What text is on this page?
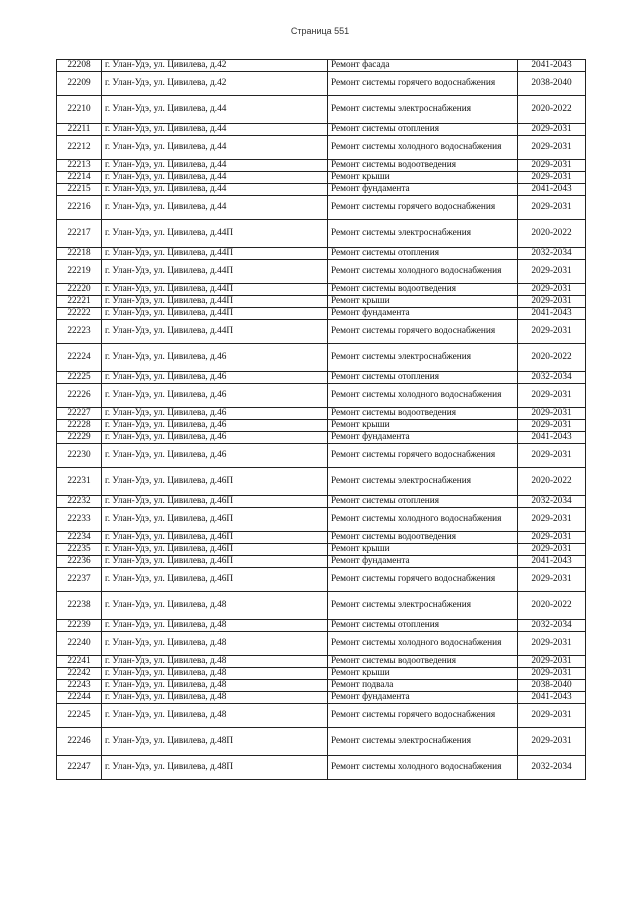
Страница 551
22208	г. Улан-Удэ, ул. Цивилева, д.42	Ремонт фасада	2041-2043
22209	г. Улан-Удэ, ул. Цивилева, д.42	Ремонт системы горячего водоснабжения	2038-2040
22210	г. Улан-Удэ, ул. Цивилева, д.44	Ремонт системы электроснабжения	2020-2022
22211	г. Улан-Удэ, ул. Цивилева, д.44	Ремонт системы отопления	2029-2031
22212	г. Улан-Удэ, ул. Цивилева, д.44	Ремонт системы холодного водоснабжения	2029-2031
22213	г. Улан-Удэ, ул. Цивилева, д.44	Ремонт системы водоотведения	2029-2031
22214	г. Улан-Удэ, ул. Цивилева, д.44	Ремонт крыши	2029-2031
22215	г. Улан-Удэ, ул. Цивилева, д.44	Ремонт фундамента	2041-2043
22216	г. Улан-Удэ, ул. Цивилева, д.44	Ремонт системы горячего водоснабжения	2029-2031
22217	г. Улан-Удэ, ул. Цивилева, д.44П	Ремонт системы электроснабжения	2020-2022
22218	г. Улан-Удэ, ул. Цивилева, д.44П	Ремонт системы отопления	2032-2034
22219	г. Улан-Удэ, ул. Цивилева, д.44П	Ремонт системы холодного водоснабжения	2029-2031
22220	г. Улан-Удэ, ул. Цивилева, д.44П	Ремонт системы водоотведения	2029-2031
22221	г. Улан-Удэ, ул. Цивилева, д.44П	Ремонт крыши	2029-2031
22222	г. Улан-Удэ, ул. Цивилева, д.44П	Ремонт фундамента	2041-2043
22223	г. Улан-Удэ, ул. Цивилева, д.44П	Ремонт системы горячего водоснабжения	2029-2031
22224	г. Улан-Удэ, ул. Цивилева, д.46	Ремонт системы электроснабжения	2020-2022
22225	г. Улан-Удэ, ул. Цивилева, д.46	Ремонт системы отопления	2032-2034
22226	г. Улан-Удэ, ул. Цивилева, д.46	Ремонт системы холодного водоснабжения	2029-2031
22227	г. Улан-Удэ, ул. Цивилева, д.46	Ремонт системы водоотведения	2029-2031
22228	г. Улан-Удэ, ул. Цивилева, д.46	Ремонт крыши	2029-2031
22229	г. Улан-Удэ, ул. Цивилева, д.46	Ремонт фундамента	2041-2043
22230	г. Улан-Удэ, ул. Цивилева, д.46	Ремонт системы горячего водоснабжения	2029-2031
22231	г. Улан-Удэ, ул. Цивилева, д.46П	Ремонт системы электроснабжения	2020-2022
22232	г. Улан-Удэ, ул. Цивилева, д.46П	Ремонт системы отопления	2032-2034
22233	г. Улан-Удэ, ул. Цивилева, д.46П	Ремонт системы холодного водоснабжения	2029-2031
22234	г. Улан-Удэ, ул. Цивилева, д.46П	Ремонт системы водоотведения	2029-2031
22235	г. Улан-Удэ, ул. Цивилева, д.46П	Ремонт крыши	2029-2031
22236	г. Улан-Удэ, ул. Цивилева, д.46П	Ремонт фундамента	2041-2043
22237	г. Улан-Удэ, ул. Цивилева, д.46П	Ремонт системы горячего водоснабжения	2029-2031
22238	г. Улан-Удэ, ул. Цивилева, д.48	Ремонт системы электроснабжения	2020-2022
22239	г. Улан-Удэ, ул. Цивилева, д.48	Ремонт системы отопления	2032-2034
22240	г. Улан-Удэ, ул. Цивилева, д.48	Ремонт системы холодного водоснабжения	2029-2031
22241	г. Улан-Удэ, ул. Цивилева, д.48	Ремонт системы водоотведения	2029-2031
22242	г. Улан-Удэ, ул. Цивилева, д.48	Ремонт крыши	2029-2031
22243	г. Улан-Удэ, ул. Цивилева, д.48	Ремонт подвала	2038-2040
22244	г. Улан-Удэ, ул. Цивилева, д.48	Ремонт фундамента	2041-2043
22245	г. Улан-Удэ, ул. Цивилева, д.48	Ремонт системы горячего водоснабжения	2029-2031
22246	г. Улан-Удэ, ул. Цивилева, д.48П	Ремонт системы электроснабжения	2029-2031
22247	г. Улан-Удэ, ул. Цивилева, д.48П	Ремонт системы холодного водоснабжения	2032-2034
